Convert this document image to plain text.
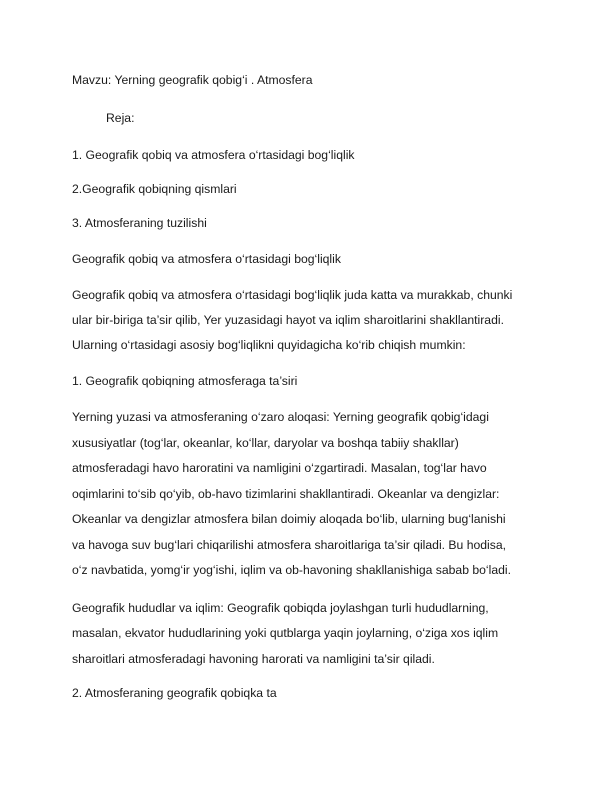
Mavzu: Yerning geografik qobig‘i . Atmosfera
Reja:
1. Geografik qobiq va atmosfera o‘rtasidagi bog‘liqlik
2.Geografik qobiqning qismlari
3. Atmosferaning tuzilishi
Geografik qobiq va atmosfera o‘rtasidagi bog‘liqlik
Geografik qobiq va atmosfera o‘rtasidagi bog‘liqlik juda katta va murakkab, chunki
ular bir-biriga ta’sir qilib, Yer yuzasidagi hayot va iqlim sharoitlarini shakllantiradi.
Ularning o‘rtasidagi asosiy bog‘liqlikni quyidagicha ko‘rib chiqish mumkin:
1. Geografik qobiqning atmosferaga ta’siri
Yerning yuzasi va atmosferaning o‘zaro aloqasi: Yerning geografik qobig‘idagi
xususiyatlar (tog‘lar, okeanlar, ko‘llar, daryolar va boshqa tabiiy shakllar)
atmosferadagi havo haroratini va namligini o‘zgartiradi. Masalan, tog‘lar havo
oqimlarini to‘sib qo‘yib, ob-havo tizimlarini shakllantiradi. Okeanlar va dengizlar:
Okeanlar va dengizlar atmosfera bilan doimiy aloqada bo‘lib, ularning bug‘lanishi
va havoga suv bug‘lari chiqarilishi atmosfera sharoitlariga ta’sir qiladi. Bu hodisa,
o‘z navbatida, yomg‘ir yog‘ishi, iqlim va ob-havoning shakllanishiga sabab bo‘ladi.
Geografik hududlar va iqlim: Geografik qobiqda joylashgan turli hududlarning,
masalan, ekvator hududlarining yoki qutblarga yaqin joylarning, o‘ziga xos iqlim
sharoitlari atmosferadagi havoning harorati va namligini ta’sir qiladi.
2. Atmosferaning geografik qobiqka ta
